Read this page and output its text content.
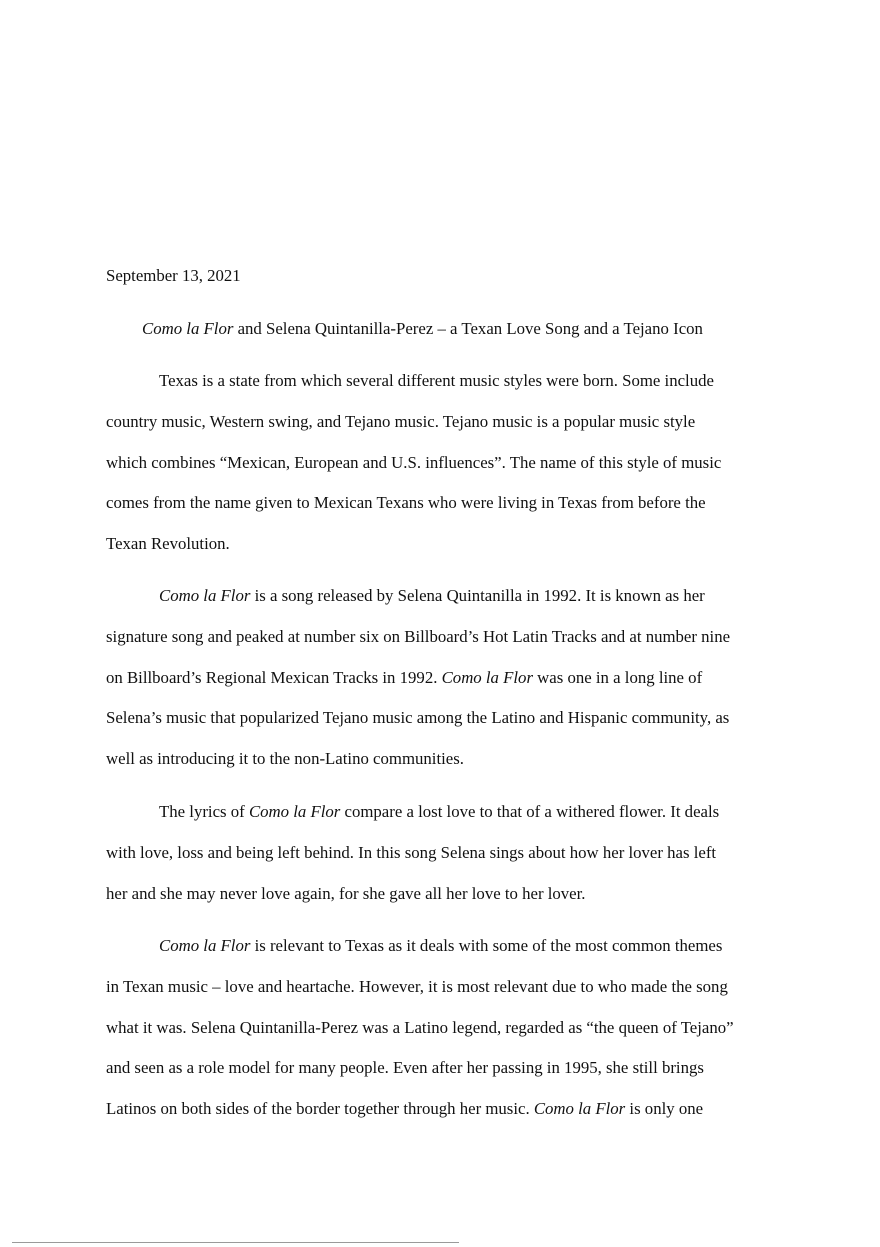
September 13, 2021
Como la Flor and Selena Quintanilla-Perez – a Texan Love Song and a Tejano Icon
Texas is a state from which several different music styles were born. Some include
country music, Western swing, and Tejano music. Tejano music is a popular music style
which combines “Mexican, European and U.S. influences”. The name of this style of music
comes from the name given to Mexican Texans who were living in Texas from before the
Texan Revolution.
Como la Flor is a song released by Selena Quintanilla in 1992. It is known as her
signature song and peaked at number six on Billboard’s Hot Latin Tracks and at number nine
on Billboard’s Regional Mexican Tracks in 1992. Como la Flor was one in a long line of
Selena’s music that popularized Tejano music among the Latino and Hispanic community, as
well as introducing it to the non-Latino communities.
The lyrics of Como la Flor compare a lost love to that of a withered flower. It deals
with love, loss and being left behind. In this song Selena sings about how her lover has left
her and she may never love again, for she gave all her love to her lover.
Como la Flor is relevant to Texas as it deals with some of the most common themes
in Texan music – love and heartache. However, it is most relevant due to who made the song
what it was. Selena Quintanilla-Perez was a Latino legend, regarded as “the queen of Tejano”
and seen as a role model for many people. Even after her passing in 1995, she still brings
Latinos on both sides of the border together through her music. Como la Flor is only one
